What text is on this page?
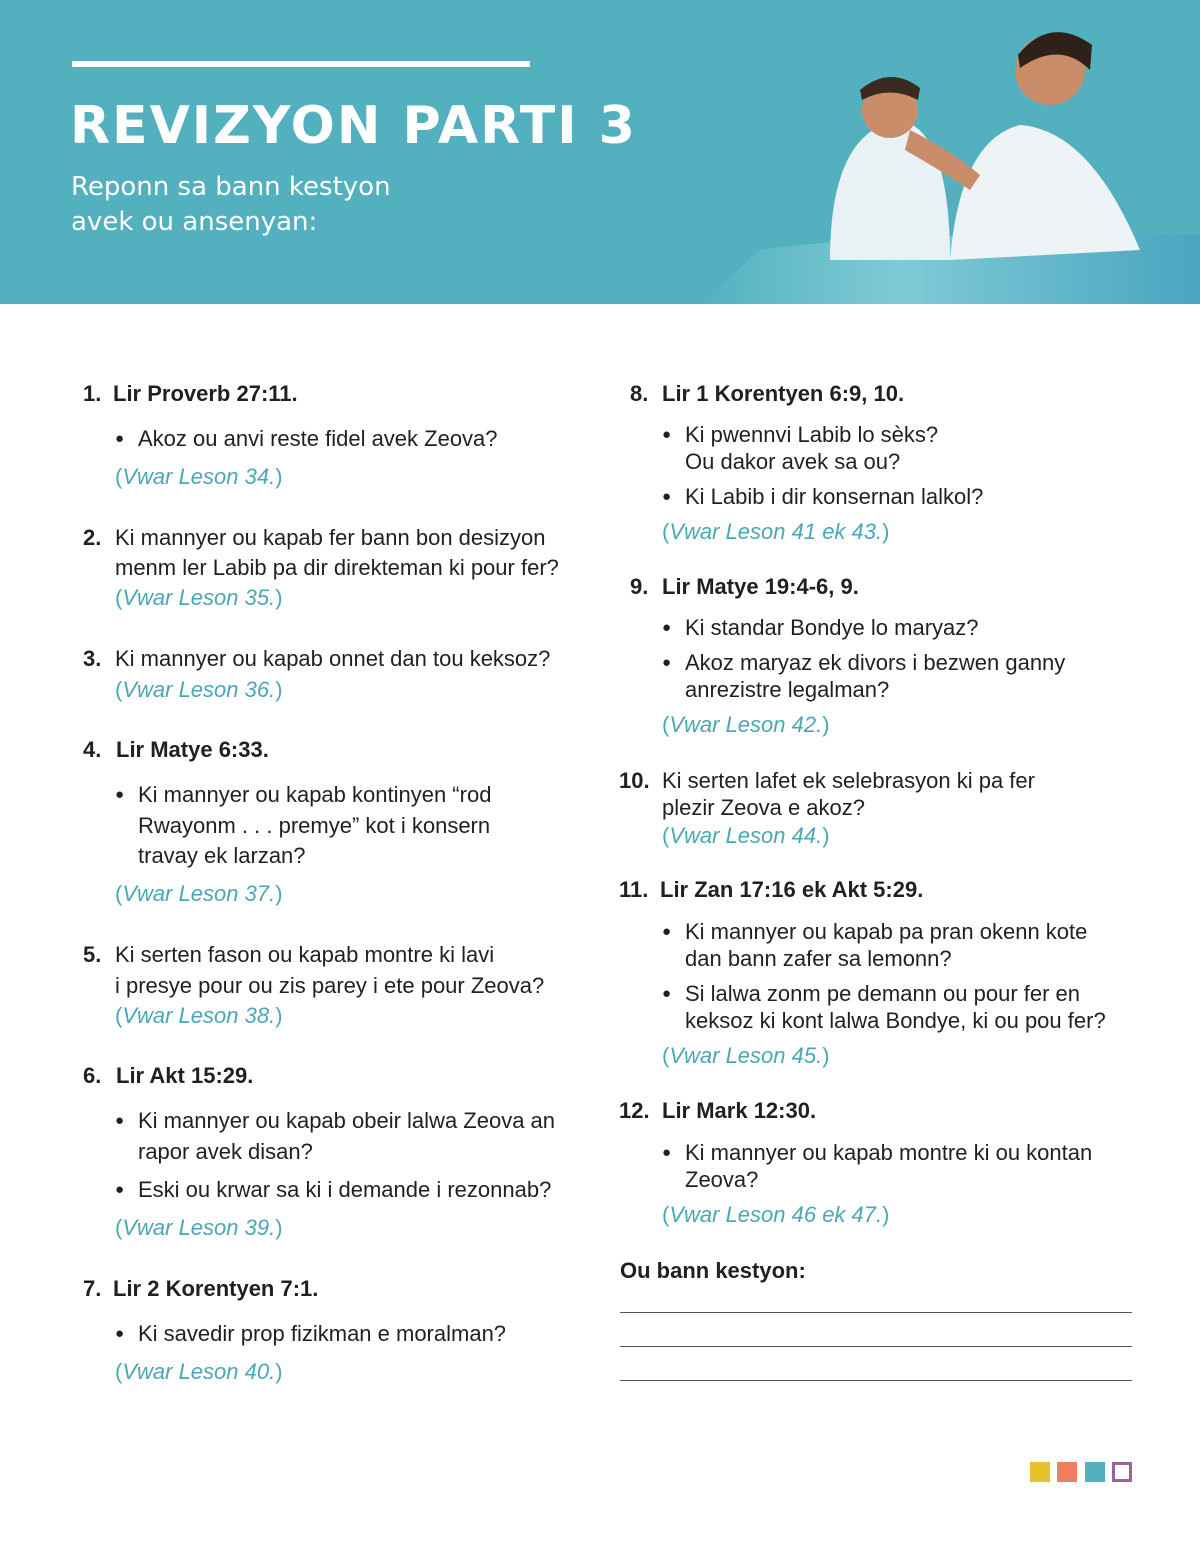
REVIZYON PARTI 3
Reponn sa bann kestyon
avek ou ansenyan:
1. Lir Proverb 27:11.
● Akoz ou anvi reste fidel avek Zeova?
(Vwar Leson 34.)
2. Ki mannyer ou kapab fer bann bon desizyon
menm ler Labib pa dir direkteman ki pour fer?
(Vwar Leson 35.)
3. Ki mannyer ou kapab onnet dan tou keksoz?
(Vwar Leson 36.)
4. Lir Matye 6:33.
● Ki mannyer ou kapab kontinyen “rod
Rwayonm . . . premye” kot i konsern
travay ek larzan?
(Vwar Leson 37.)
5. Ki serten fason ou kapab montre ki lavi
i presye pour ou zis parey i ete pour Zeova?
(Vwar Leson 38.)
6. Lir Akt 15:29.
● Ki mannyer ou kapab obeir lalwa Zeova an
rapor avek disan?
● Eski ou krwar sa ki i demande i rezonnab?
(Vwar Leson 39.)
7. Lir 2 Korentyen 7:1.
● Ki savedir prop fizikman e moralman?
(Vwar Leson 40.)
8. Lir 1 Korentyen 6:9, 10.
● Ki pwennvi Labib lo sèks?
Ou dakor avek sa ou?
● Ki Labib i dir konsernan lalkol?
(Vwar Leson 41 ek 43.)
9. Lir Matye 19:4-6, 9.
● Ki standar Bondye lo maryaz?
● Akoz maryaz ek divors i bezwen ganny
anrezistre legalman?
(Vwar Leson 42.)
10. Ki serten lafet ek selebrasyon ki pa fer
plezir Zeova e akoz?
(Vwar Leson 44.)
11. Lir Zan 17:16 ek Akt 5:29.
● Ki mannyer ou kapab pa pran okenn kote
dan bann zafer sa lemonn?
● Si lalwa zonm pe demann ou pour fer en
keksoz ki kont lalwa Bondye, ki ou pou fer?
(Vwar Leson 45.)
12. Lir Mark 12:30.
● Ki mannyer ou kapab montre ki ou kontan
Zeova?
(Vwar Leson 46 ek 47.)
Ou bann kestyon:
